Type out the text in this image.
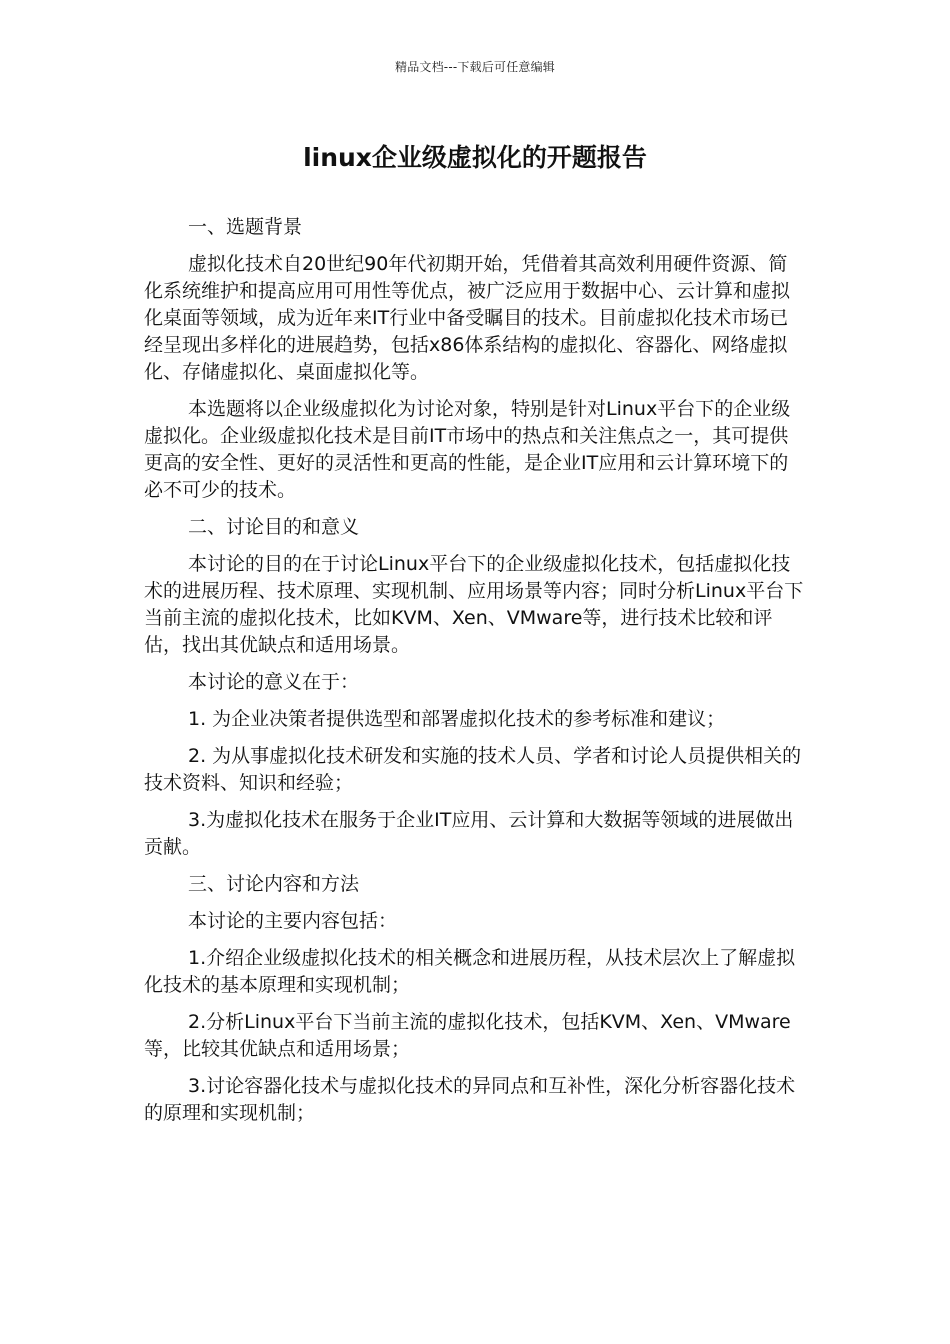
精品文档---下载后可任意编辑
linux企业级虚拟化的开题报告

一、选题背景

虚拟化技术自20世纪90年代初期开始，凭借着其高效利用硬件资源、简化系统维护和提高应用可用性等优点，被广泛应用于数据中心、云计算和虚拟化桌面等领域，成为近年来IT行业中备受瞩目的技术。目前虚拟化技术市场已经呈现出多样化的进展趋势，包括x86体系结构的虚拟化、容器化、网络虚拟化、存储虚拟化、桌面虚拟化等。

本选题将以企业级虚拟化为讨论对象，特别是针对Linux平台下的企业级虚拟化。企业级虚拟化技术是目前IT市场中的热点和关注焦点之一，其可提供更高的安全性、更好的灵活性和更高的性能，是企业IT应用和云计算环境下的必不可少的技术。

二、讨论目的和意义

本讨论的目的在于讨论Linux平台下的企业级虚拟化技术，包括虚拟化技术的进展历程、技术原理、实现机制、应用场景等内容；同时分析Linux平台下当前主流的虚拟化技术，比如KVM、Xen、VMware等，进行技术比较和评估，找出其优缺点和适用场景。

本讨论的意义在于：

1. 为企业决策者提供选型和部署虚拟化技术的参考标准和建议；

2. 为从事虚拟化技术研发和实施的技术人员、学者和讨论人员提供相关的技术资料、知识和经验；

3.为虚拟化技术在服务于企业IT应用、云计算和大数据等领域的进展做出贡献。

三、讨论内容和方法

本讨论的主要内容包括：

1.介绍企业级虚拟化技术的相关概念和进展历程，从技术层次上了解虚拟化技术的基本原理和实现机制；

2.分析Linux平台下当前主流的虚拟化技术，包括KVM、Xen、VMware等，比较其优缺点和适用场景；

3.讨论容器化技术与虚拟化技术的异同点和互补性，深化分析容器化技术的原理和实现机制；
